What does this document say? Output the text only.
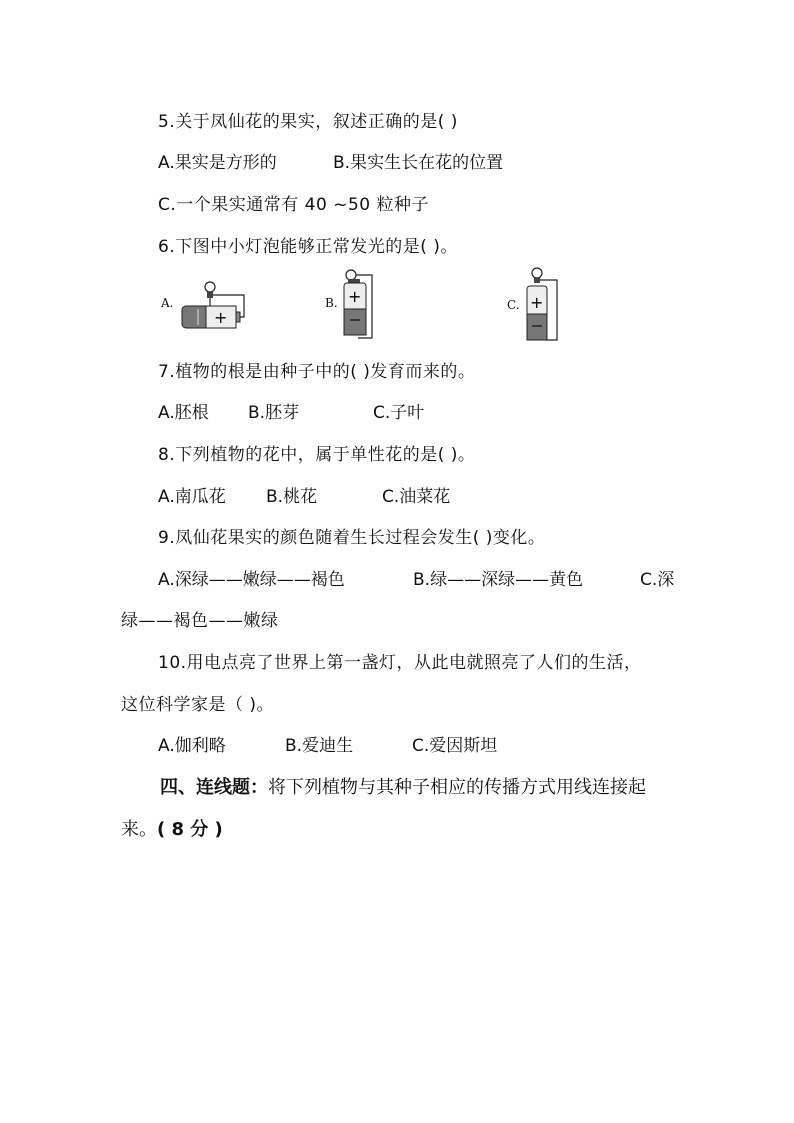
5.关于凤仙花的果实，叙述正确的是( )
A.果实是方形的	B.果实生长在花的位置
C.一个果实通常有 40 ~50 粒种子
6.下图中小灯泡能够正常发光的是( )。
A.
+
B. +	C. +
7.植物的根是由种子中的( )发育而来的。
A.胚根 B.胚芽	C.子叶
8.下列植物的花中，属于单性花的是( )。
A.南瓜花 B.桃花	C.油菜花
9.凤仙花果实的颜色随着生长过程会发生( )变化。
A.深绿——嫩绿——褐色	B.绿——深绿——黄色	C.深
绿——褐色——嫩绿
10.用电点亮了世界上第一盏灯，从此电就照亮了人们的生活，
这位科学家是（ )。
A.伽利略	B.爱迪生	C.爱因斯坦
四、连线题：将下列植物与其种子相应的传播方式用线连接起
来。( 8 分 )
